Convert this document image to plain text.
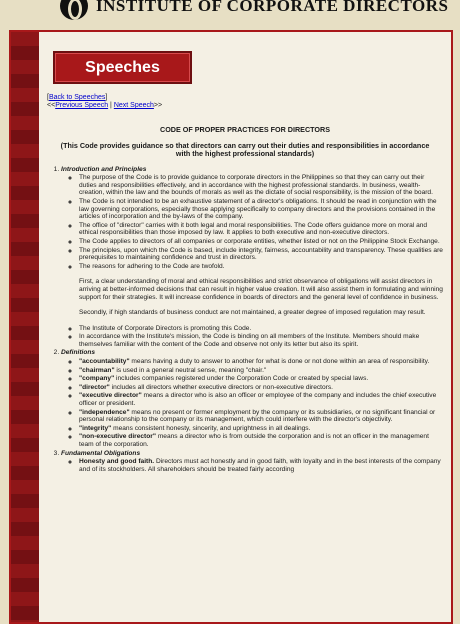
INSTITUTE OF CORPORATE DIRECTORS
Speeches
[Back to Speeches]
<<Previous Speech | Next Speech>>
CODE OF PROPER PRACTICES FOR DIRECTORS
(This Code provides guidance so that directors can carry out their duties and responsibilities in accordance with the highest professional standards)
1. Introduction and Principles
◦ The purpose of the Code is to provide guidance to corporate directors in the Philippines so that they can carry out their duties and responsibilities effectively, and in accordance with the highest professional standards. In business, wealth-creation, within the law and the bounds of morals as well as the dictate of social responsibility, is the mission of the board.
◦ The Code is not intended to be an exhaustive statement of a director's obligations. It should be read in conjunction with the law governing corporations, especially those applying specifically to company directors and the provisions contained in the articles of incorporation and the by-laws of the company.
◦ The office of "director" carries with it both legal and moral responsibilities. The Code offers guidance more on moral and ethical responsibilities than those imposed by law. It applies to both executive and non-executive directors.
◦ The Code applies to directors of all companies or corporate entities, whether listed or not on the Philippine Stock Exchange.
◦ The principles, upon which the Code is based, include integrity, fairness, accountability and transparency. These qualities are prerequisites to maintaining confidence and trust in directors.
◦ The reasons for adhering to the Code are twofold.

First, a clear understanding of moral and ethical responsibilities and strict observance of obligations will assist directors in arriving at better-informed decisions that can result in higher value creation. It will also assist them in formulating and winning support for their strategies. It will increase confidence in boards of directors and the general level of confidence in business.

Secondly, if high standards of business conduct are not maintained, a greater degree of imposed regulation may result.

◦ The Institute of Corporate Directors is promoting this Code.
◦ In accordance with the Institute's mission, the Code is binding on all members of the Institute. Members should make themselves familiar with the content of the Code and observe not only its letter but also its spirit.
2. Definitions
◦ "accountability" means having a duty to answer to another for what is done or not done within an area of responsibility.
◦ "chairman" is used in a general neutral sense, meaning "chair."
◦ "company" includes companies registered under the Corporation Code or created by special laws.
◦ "director" includes all directors whether executive directors or non-executive directors.
◦ "executive director" means a director who is also an officer or employee of the company and includes the chief executive officer or president.
◦ "independence" means no present or former employment by the company or its subsidiaries, or no significant financial or personal relationship to the company or its management, which could interfere with the director's objectivity.
◦ "integrity" means consistent honesty, sincerity, and uprightness in all dealings.
◦ "non-executive director" means a director who is from outside the corporation and is not an officer in the management team of the corporation.
3. Fundamental Obligations
◦ Honesty and good faith. Directors must act honestly and in good faith, with loyalty and in the best interests of the company and of its stockholders. All shareholders should be treated fairly according
